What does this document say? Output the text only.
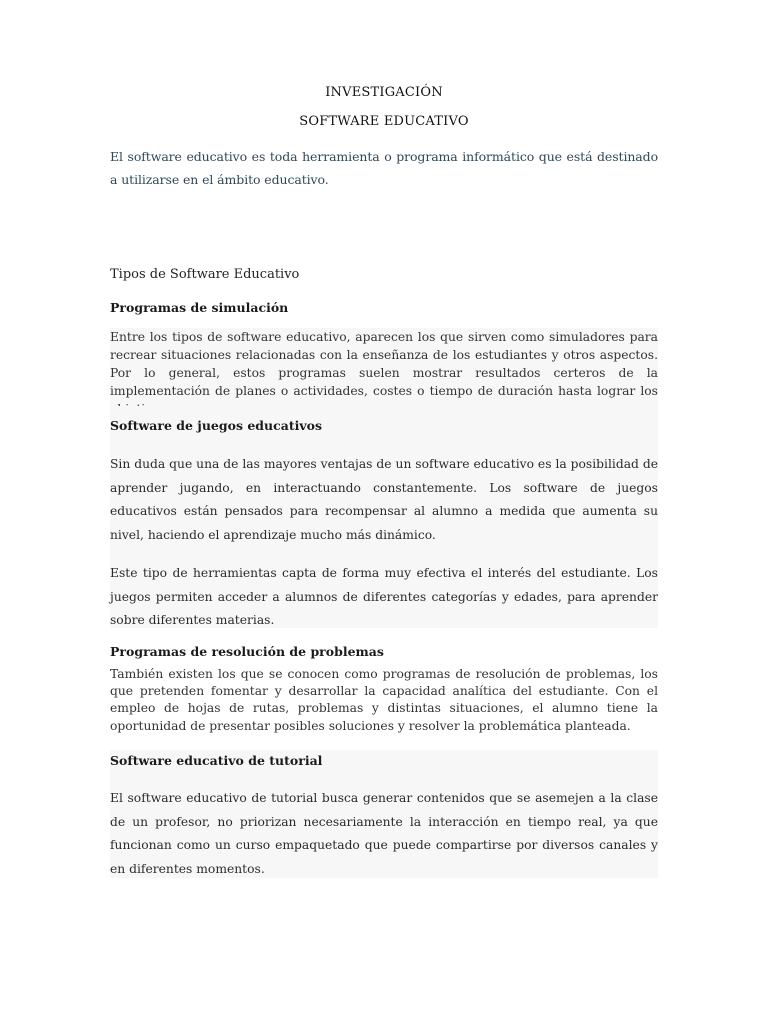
INVESTIGACIÓN
SOFTWARE EDUCATIVO

El software educativo es toda herramienta o programa informático que está destinado a utilizarse en el ámbito educativo.

Tipos de Software Educativo
Programas de simulación

Entre los tipos de software educativo, aparecen los que sirven como simuladores para recrear situaciones relacionadas con la enseñanza de los estudiantes y otros aspectos. Por lo general, estos programas suelen mostrar resultados certeros de la implementación de planes o actividades, costes o tiempo de duración hasta lograr los

Software de juegos educativos

Sin duda que una de las mayores ventajas de un software educativo es la posibilidad de aprender jugando, en interactuando constantemente. Los software de juegos educativos están pensados para recompensar al alumno a medida que aumenta su nivel, haciendo el aprendizaje mucho más dinámico.

Este tipo de herramientas capta de forma muy efectiva el interés del estudiante. Los juegos permiten acceder a alumnos de diferentes categorías y edades, para aprender sobre diferentes materias.

Programas de resolución de problemas

También existen los que se conocen como programas de resolución de problemas, los que pretenden fomentar y desarrollar la capacidad analítica del estudiante. Con el empleo de hojas de rutas, problemas y distintas situaciones, el alumno tiene la oportunidad de presentar posibles soluciones y resolver la problemática planteada.

Software educativo de tutorial

El software educativo de tutorial busca generar contenidos que se asemejen a la clase de un profesor, no priorizan necesariamente la interacción en tiempo real, ya que funcionan como un curso empaquetado que puede compartirse por diversos canales y en diferentes momentos.
